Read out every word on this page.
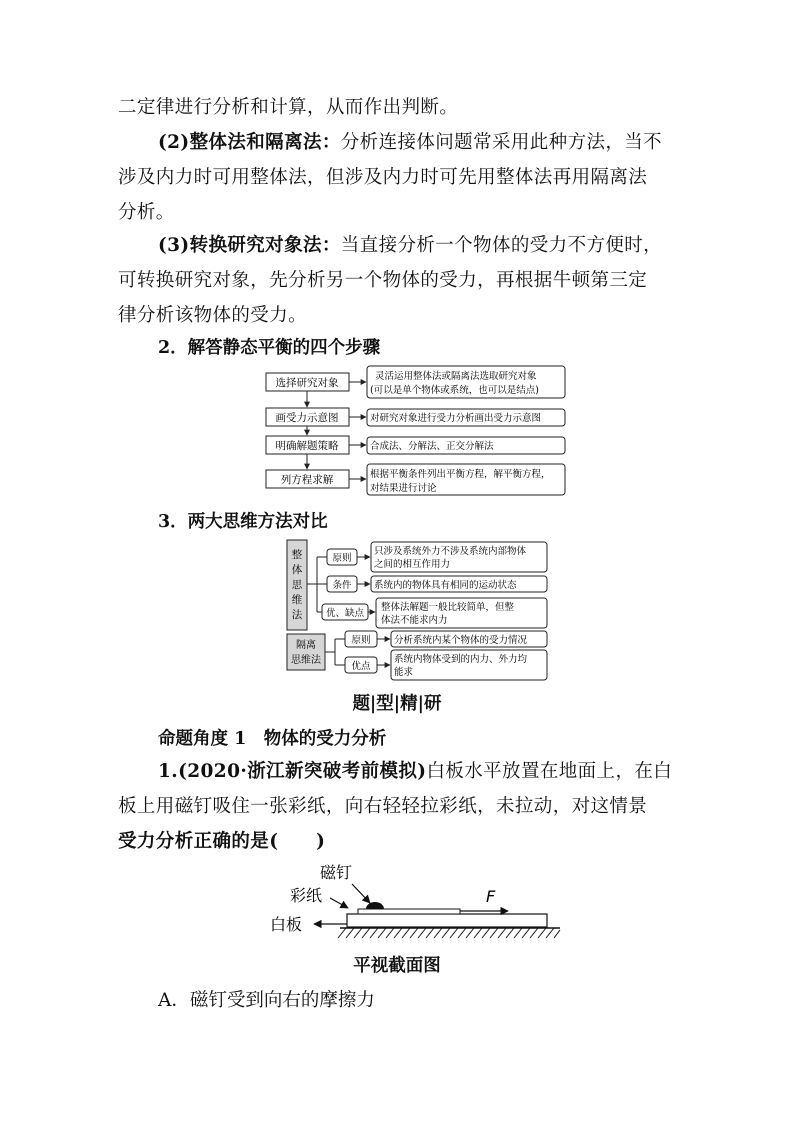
二定律进行分析和计算，从而作出判断。
(2)整体法和隔离法：分析连接体问题常采用此种方法，当不
涉及内力时可用整体法，但涉及内力时可先用整体法再用隔离法
分析。
(3)转换研究对象法：当直接分析一个物体的受力不方便时，
可转换研究对象，先分析另一个物体的受力，再根据牛顿第三定
律分析该物体的受力。
2．解答静态平衡的四个步骤
选择研究对象
画受力示意图
明确解题策略
列方程求解
灵活运用整体法或隔离法选取研究对象
(可以是单个物体或系统，也可以是结点)
对研究对象进行受力分析画出受力示意图
合成法、分解法、正交分解法
根据平衡条件列出平衡方程，解平衡方程，
对结果进行讨论
3．两大思维方法对比
整
体
思
维
法
原则
条件
优、缺点
只涉及系统外力不涉及系统内部物体
之间的相互作用力
系统内的物体具有相同的运动状态
整体法解题一般比较简单，但整
体法不能求内力
隔离
思维法
原则
优点
分析系统内某个物体的受力情况
系统内物体受到的内力、外力均
能求
题|型|精|研
命题角度 1　物体的受力分析
1.(2020·浙江新突破考前模拟)白板水平放置在地面上，在白
板上用磁钉吸住一张彩纸，向右轻轻拉彩纸，未拉动，对这情景
受力分析正确的是(　　)
磁钉
彩纸
白板
F
平视截面图
A．磁钉受到向右的摩擦力
